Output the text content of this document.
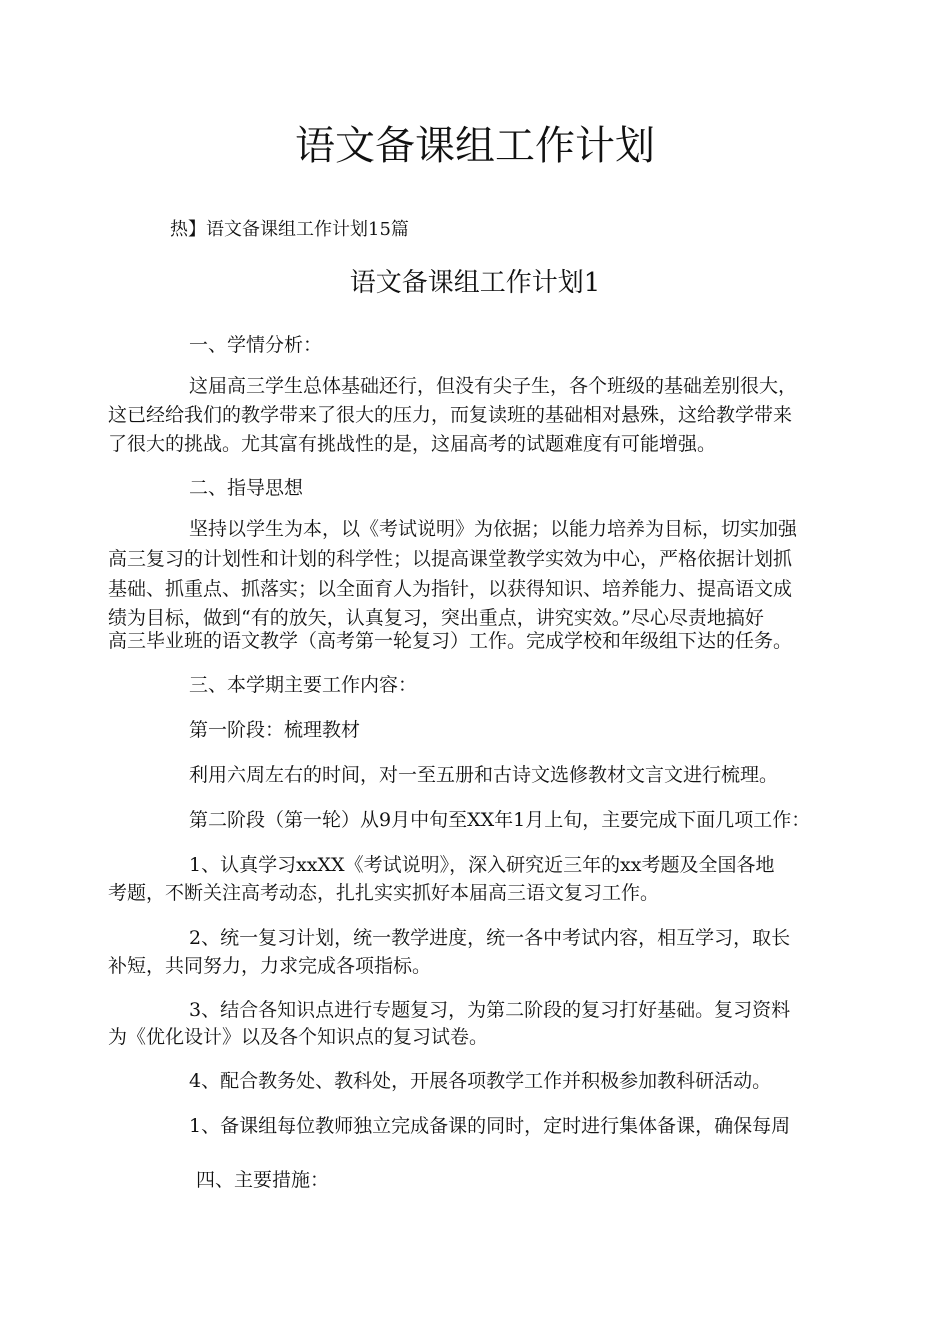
语文备课组工作计划
热】语文备课组工作计划15篇
语文备课组工作计划1
一、学情分析：
这届高三学生总体基础还行，但没有尖子生，各个班级的基础差别很大，
这已经给我们的教学带来了很大的压力，而复读班的基础相对悬殊，这给教学带来
了很大的挑战。尤其富有挑战性的是，这届高考的试题难度有可能增强。
二、指导思想
坚持以学生为本，以《考试说明》为依据；以能力培养为目标，切实加强
高三复习的计划性和计划的科学性；以提高课堂教学实效为中心，严格依据计划抓
基础、抓重点、抓落实；以全面育人为指针，以获得知识、培养能力、提高语文成
绩为目标，做到“有的放矢，认真复习，突出重点，讲究实效。”尽心尽责地搞好
高三毕业班的语文教学（高考第一轮复习）工作。完成学校和年级组下达的任务。
三、本学期主要工作内容：
第一阶段：梳理教材
利用六周左右的时间，对一至五册和古诗文选修教材文言文进行梳理。
第二阶段（第一轮）从9月中旬至XX年1月上旬，主要完成下面几项工作：
1、认真学习xxXX《考试说明》，深入研究近三年的xx考题及全国各地
考题，不断关注高考动态，扎扎实实抓好本届高三语文复习工作。
2、统一复习计划，统一教学进度，统一各中考试内容，相互学习，取长
补短，共同努力，力求完成各项指标。
3、结合各知识点进行专题复习，为第二阶段的复习打好基础。复习资料
为《优化设计》以及各个知识点的复习试卷。
4、配合教务处、教科处，开展各项教学工作并积极参加教科研活动。
1、备课组每位教师独立完成备课的同时，定时进行集体备课，确保每周
四、主要措施：
